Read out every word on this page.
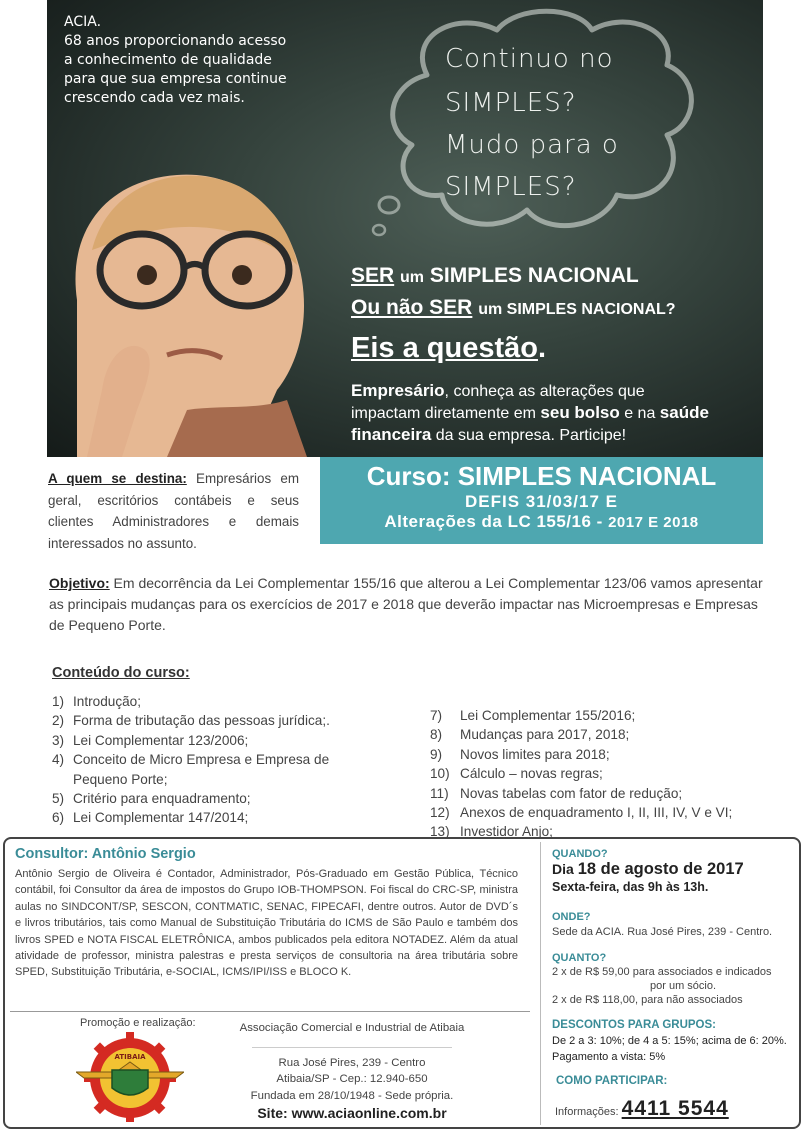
Continuo no
SIMPLES?
Mudo para o
SIMPLES?
ACIA.
68 anos proporcionando acesso
a conhecimento de qualidade
para que sua empresa continue
crescendo cada vez mais.
SER um SIMPLES NACIONAL
Ou não SER um SIMPLES NACIONAL?
Eis a questão.
Empresário, conheça as alterações que
impactam diretamente em seu bolso e na saúde
financeira da sua empresa. Participe!
A quem se destina: Empresários em geral, escritórios contábeis e seus clientes Administradores e demais interessados no assunto.
Curso: SIMPLES NACIONAL
DEFIS 31/03/17 E
Alterações da LC 155/16 - 2017 E 2018
Objetivo: Em decorrência da Lei Complementar 155/16 que alterou a Lei Complementar 123/06 vamos apresentar as principais mudanças para os exercícios de 2017 e 2018 que deverão impactar nas Microempresas e Empresas de Pequeno Porte.
Conteúdo do curso:
1) Introdução;
2) Forma de tributação das pessoas jurídica;.
3) Lei Complementar 123/2006;
4) Conceito de Micro Empresa e Empresa de
Pequeno Porte;
5) Critério para enquadramento;
6) Lei Complementar 147/2014;
7)	Lei Complementar 155/2016;
8)	Mudanças para 2017, 2018;
9)	Novos limites para 2018;
10) Cálculo – novas regras;
11) Novas tabelas com fator de redução;
12) Anexos de enquadramento I, II, III, IV, V e VI;
13) Investidor Anjo;
Consultor: Antônio Sergio
Antônio Sergio de Oliveira é Contador, Administrador, Pós-Graduado em Gestão Pública, Técnico contábil, foi Consultor da área de impostos do Grupo IOB-THOMPSON. Foi fiscal do CRC-SP, ministra aulas no SINDCONT/SP, SESCON, CONTMATIC, SENAC, FIPECAFI, dentre outros. Autor de DVD´s e livros tributários, tais como Manual de Substituição Tributária do ICMS de São Paulo e também dos livros SPED e NOTA FISCAL ELETRÔNICA, ambos publicados pela editora NOTADEZ. Além da atual atividade de professor, ministra palestras e presta serviços de consultoria na área tributária sobre SPED, Substituição Tributária, e-SOCIAL, ICMS/IPI/ISS e BLOCO K.
Promoção e realização:
ATIBAIA
Associação Comercial e Industrial de Atibaia
Rua José Pires, 239 - Centro
Atibaia/SP - Cep.: 12.940-650
Fundada em 28/10/1948 - Sede própria.
Site: www.aciaonline.com.br
QUANDO?
Dia 18 de agosto de 2017
Sexta-feira, das 9h às 13h.
ONDE?
Sede da ACIA. Rua José Pires, 239 - Centro.
QUANTO?
2 x de R$ 59,00 para associados e indicados
por um sócio.
2 x de R$ 118,00, para não associados
DESCONTOS PARA GRUPOS:
De 2 a 3: 10%; de 4 a 5: 15%; acima de 6: 20%.
Pagamento a vista: 5%
COMO PARTICIPAR:
Informações: 4411 5544
